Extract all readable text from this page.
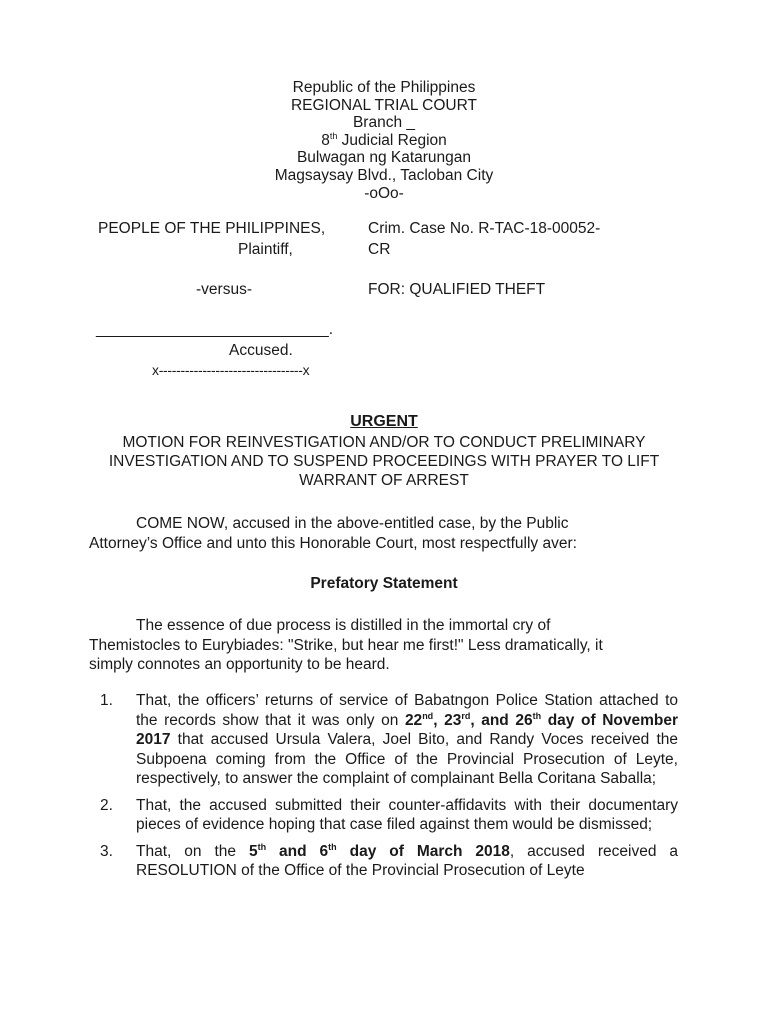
Republic of the Philippines
REGIONAL TRIAL COURT
Branch _
8th Judicial Region
Bulwagan ng Katarungan
Magsaysay Blvd., Tacloban City
-oOo-
PEOPLE OF THE PHILIPPINES,
Plaintiff,
Crim. Case No. R-TAC-18-00052-
CR
-versus-	FOR: QUALIFIED THEFT
___________________________.
Accused.
x---------------------------------x
URGENT
MOTION FOR REINVESTIGATION AND/OR TO CONDUCT PRELIMINARY
INVESTIGATION AND TO SUSPEND PROCEEDINGS WITH PRAYER TO LIFT
WARRANT OF ARREST
COME NOW, accused in the above-entitled case, by the Public
Attorney’s Office and unto this Honorable Court, most respectfully aver:
Prefatory Statement
The essence of due process is distilled in the immortal cry of
Themistocles to Eurybiades: "Strike, but hear me first!" Less dramatically, it
simply connotes an opportunity to be heard.
1. That, the officers’ returns of service of Babatngon Police Station attached to the records show that it was only on 22nd, 23rd, and 26th day of November 2017 that accused Ursula Valera, Joel Bito, and Randy Voces received the Subpoena coming from the Office of the Provincial Prosecution of Leyte, respectively, to answer the complaint of complainant Bella Coritana Saballa;
2. That, the accused submitted their counter-affidavits with their documentary pieces of evidence hoping that case filed against them would be dismissed;
3. That, on the 5th and 6th day of March 2018, accused received a RESOLUTION of the Office of the Provincial Prosecution of Leyte
